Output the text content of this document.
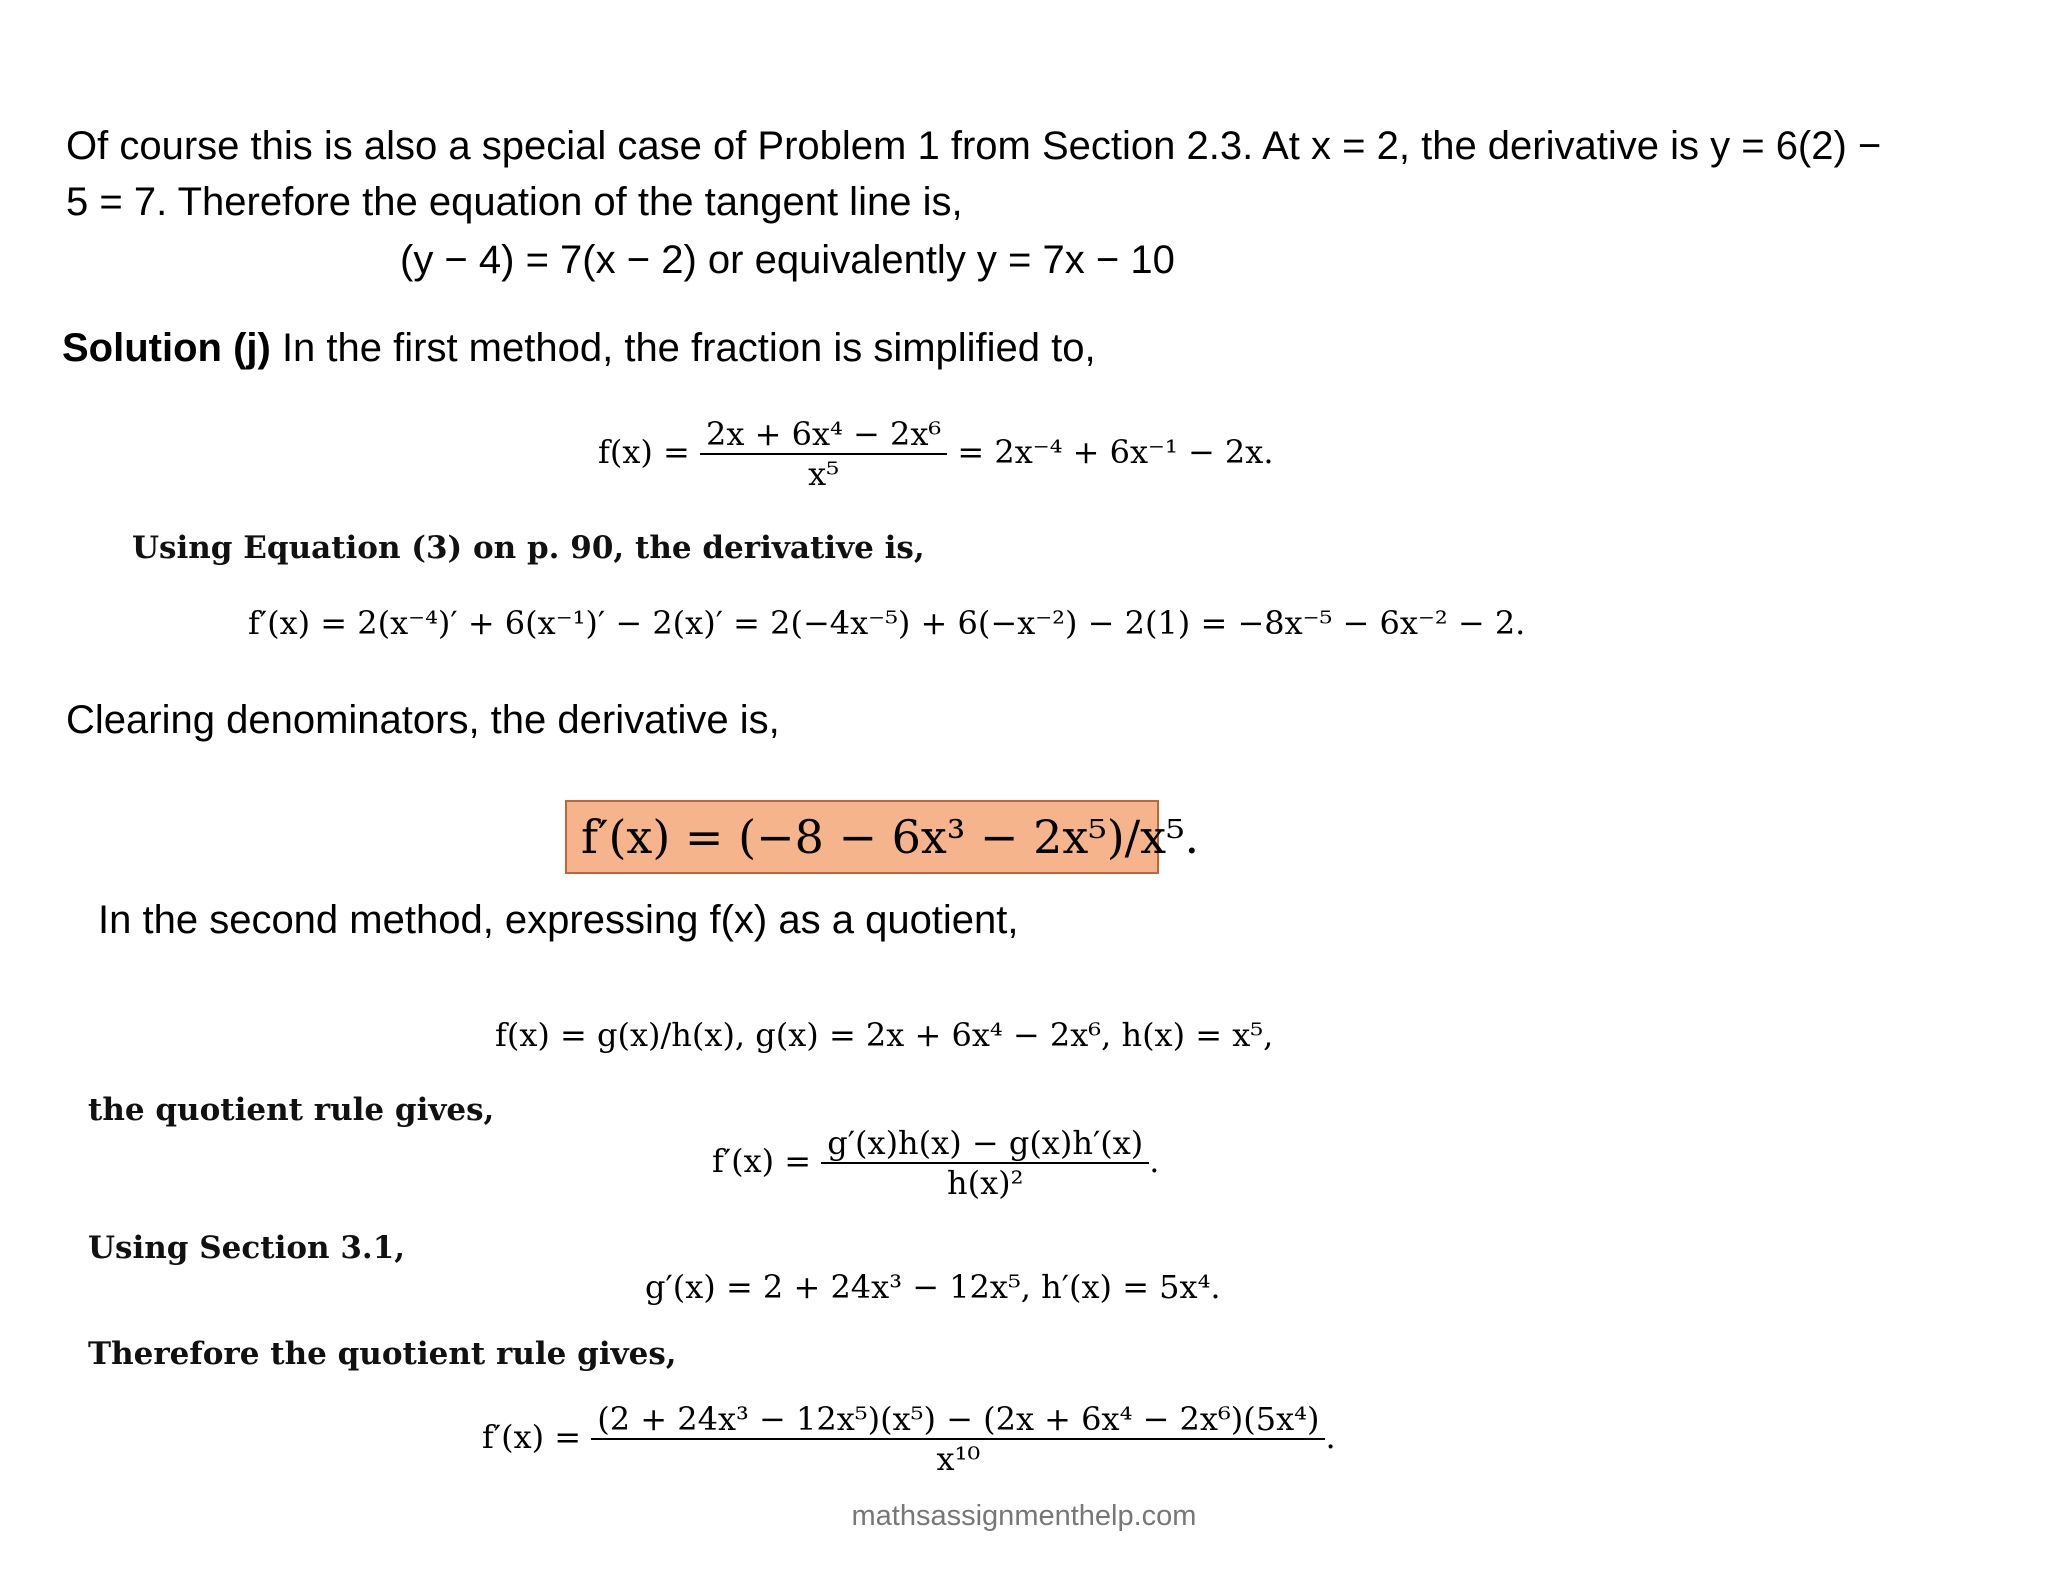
Of course this is also a special case of Problem 1 from Section 2.3. At x = 2, the derivative is y = 6(2) −
5 = 7. Therefore the equation of the tangent line is,
(y − 4) = 7(x − 2) or equivalently y = 7x − 10
Solution (j) In the first method, the fraction is simplified to,
$f(x) = \frac{\text{2x + 6x⁴ − 2x⁶}}{\text{x⁵}} = 2x^{-4} + 6x^{-1} - 2x$.
Using Equation (3) on p. 90, the derivative is,
f′(x) = 2(x⁻⁴)′ + 6(x⁻¹)′ − 2(x)′ = 2(−4x⁻⁵) + 6(−x⁻²) − 2(1) = −8x⁻⁵ − 6x⁻² − 2.
Clearing denominators, the derivative is,
f′(x) = (−8 − 6x³ − 2x⁵)/x⁵.
In the second method, expressing f(x) as a quotient,
f(x) = g(x)/h(x), g(x) = 2x + 6x⁴ − 2x⁶, h(x) = x⁵,
the quotient rule gives,
$f'(x) = \frac{g'(x)h(x) - g(x)h'(x)}{\text{h(x)²}}$ .
Using Section 3.1,
g′(x) = 2 + 24x³ − 12x⁵, h′(x) = 5x⁴.
Therefore the quotient rule gives,
$f'(x) = \frac{\text{(2 + 24x³ − 12x⁵)(x⁵) − (2x + 6x⁴ − 2x⁶)(5x⁴)}}{\text{x¹⁰}}$ .
mathsassignmenthelp.com
